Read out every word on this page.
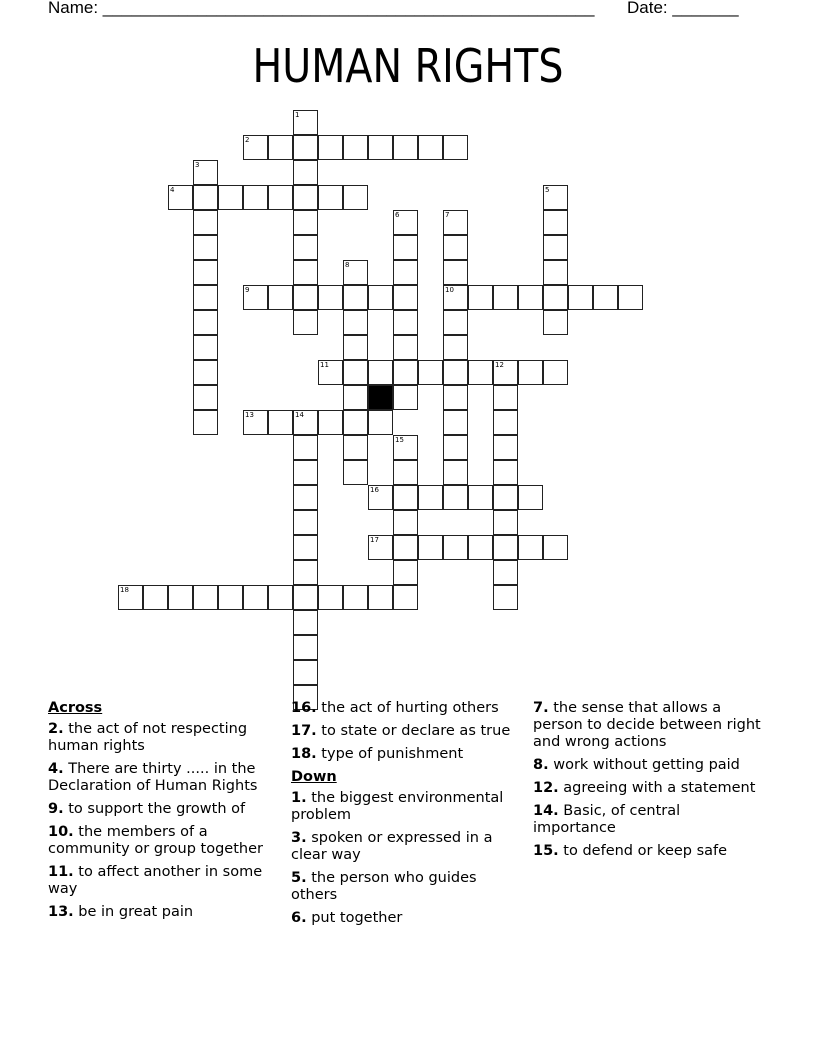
Name: ____________________________________________________ Date: _______
HUMAN RIGHTS
1
2
3
4	5
6	7
10
8
9
11	12
13	14
15
16
17
18
Across
2. the act of not respecting human rights
4. There are thirty ..... in the Declaration of Human Rights
9. to support the growth of
10. the members of a community or group together
11. to affect another in some way
13. be in great pain
16. the act of hurting others
17. to state or declare as true
18. type of punishment
Down
1. the biggest environmental problem
3. spoken or expressed in a clear way
5. the person who guides others
6. put together
7. the sense that allows a person to decide between right and wrong actions
8. work without getting paid
12. agreeing with a statement
14. Basic, of central importance
15. to defend or keep safe
